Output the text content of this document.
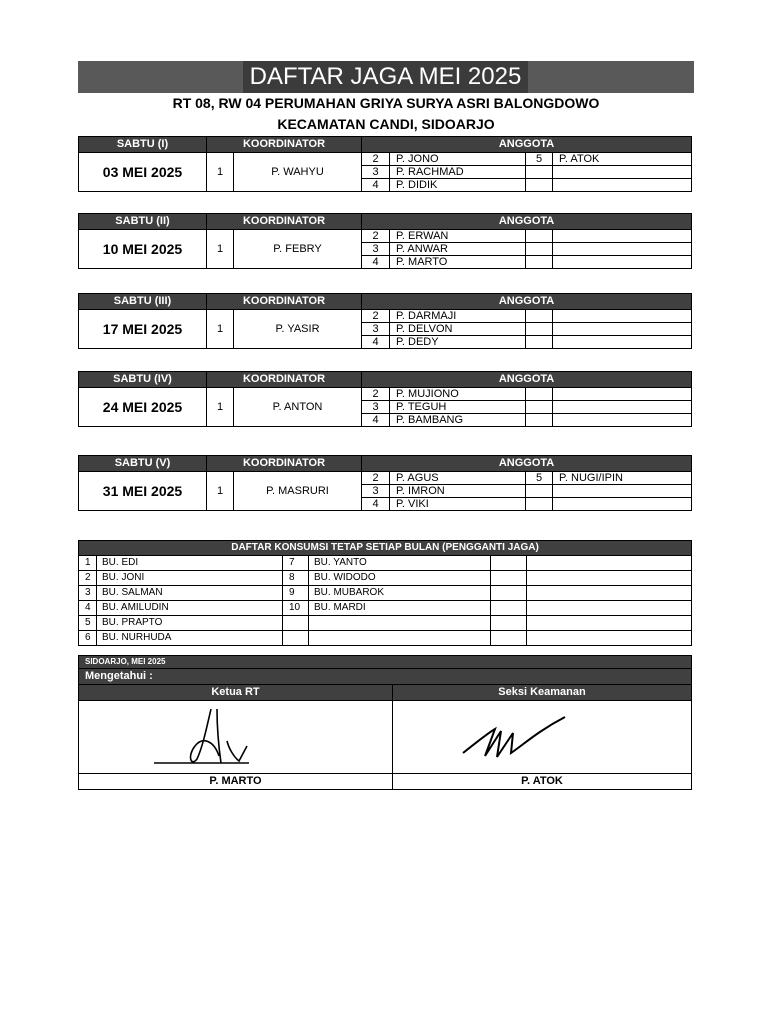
DAFTAR JAGA MEI 2025
RT 08, RW 04 PERUMAHAN GRIYA SURYA ASRI BALONGDOWO
KECAMATAN CANDI, SIDOARJO
SABTU (I)	KOORDINATOR		ANGGOTA			
03 MEI 2025	1	P. WAHYU	2	P. JONO	5	P. ATOK
			3	P. RACHMAD		
			4	P. DIDIK		
SABTU (II)	KOORDINATOR		ANGGOTA			
10 MEI 2025	1	P. FEBRY	2	P. ERWAN		
			3	P. ANWAR		
			4	P. MARTO		
SABTU (III)	KOORDINATOR		ANGGOTA			
17 MEI 2025	1	P. YASIR	2	P. DARMAJI		
			3	P. DELVON		
			4	P. DEDY		
SABTU (IV)	KOORDINATOR		ANGGOTA			
24 MEI 2025	1	P. ANTON	2	P. MUJIONO		
			3	P. TEGUH		
			4	P. BAMBANG		
SABTU (V)	KOORDINATOR		ANGGOTA			
31 MEI 2025	1	P. MASRURI	2	P. AGUS	5	P. NUGI/IPIN
			3	P. IMRON		
			4	P. VIKI		
DAFTAR KONSUMSI TETAP SETIAP BULAN (PENGGANTI JAGA)					
1	BU. EDI	7	BU. YANTO		
2	BU. JONI	8	BU. WIDODO		
3	BU. SALMAN	9	BU. MUBAROK		
4	BU. AMILUDIN	10	BU. MARDI		
5	BU. PRAPTO				
6	BU. NURHUDA				
SIDOARJO, MEI 2025	
Mengetahui :	
Ketua RT	Seksi Keamanan

P. MARTO	P. ATOK
